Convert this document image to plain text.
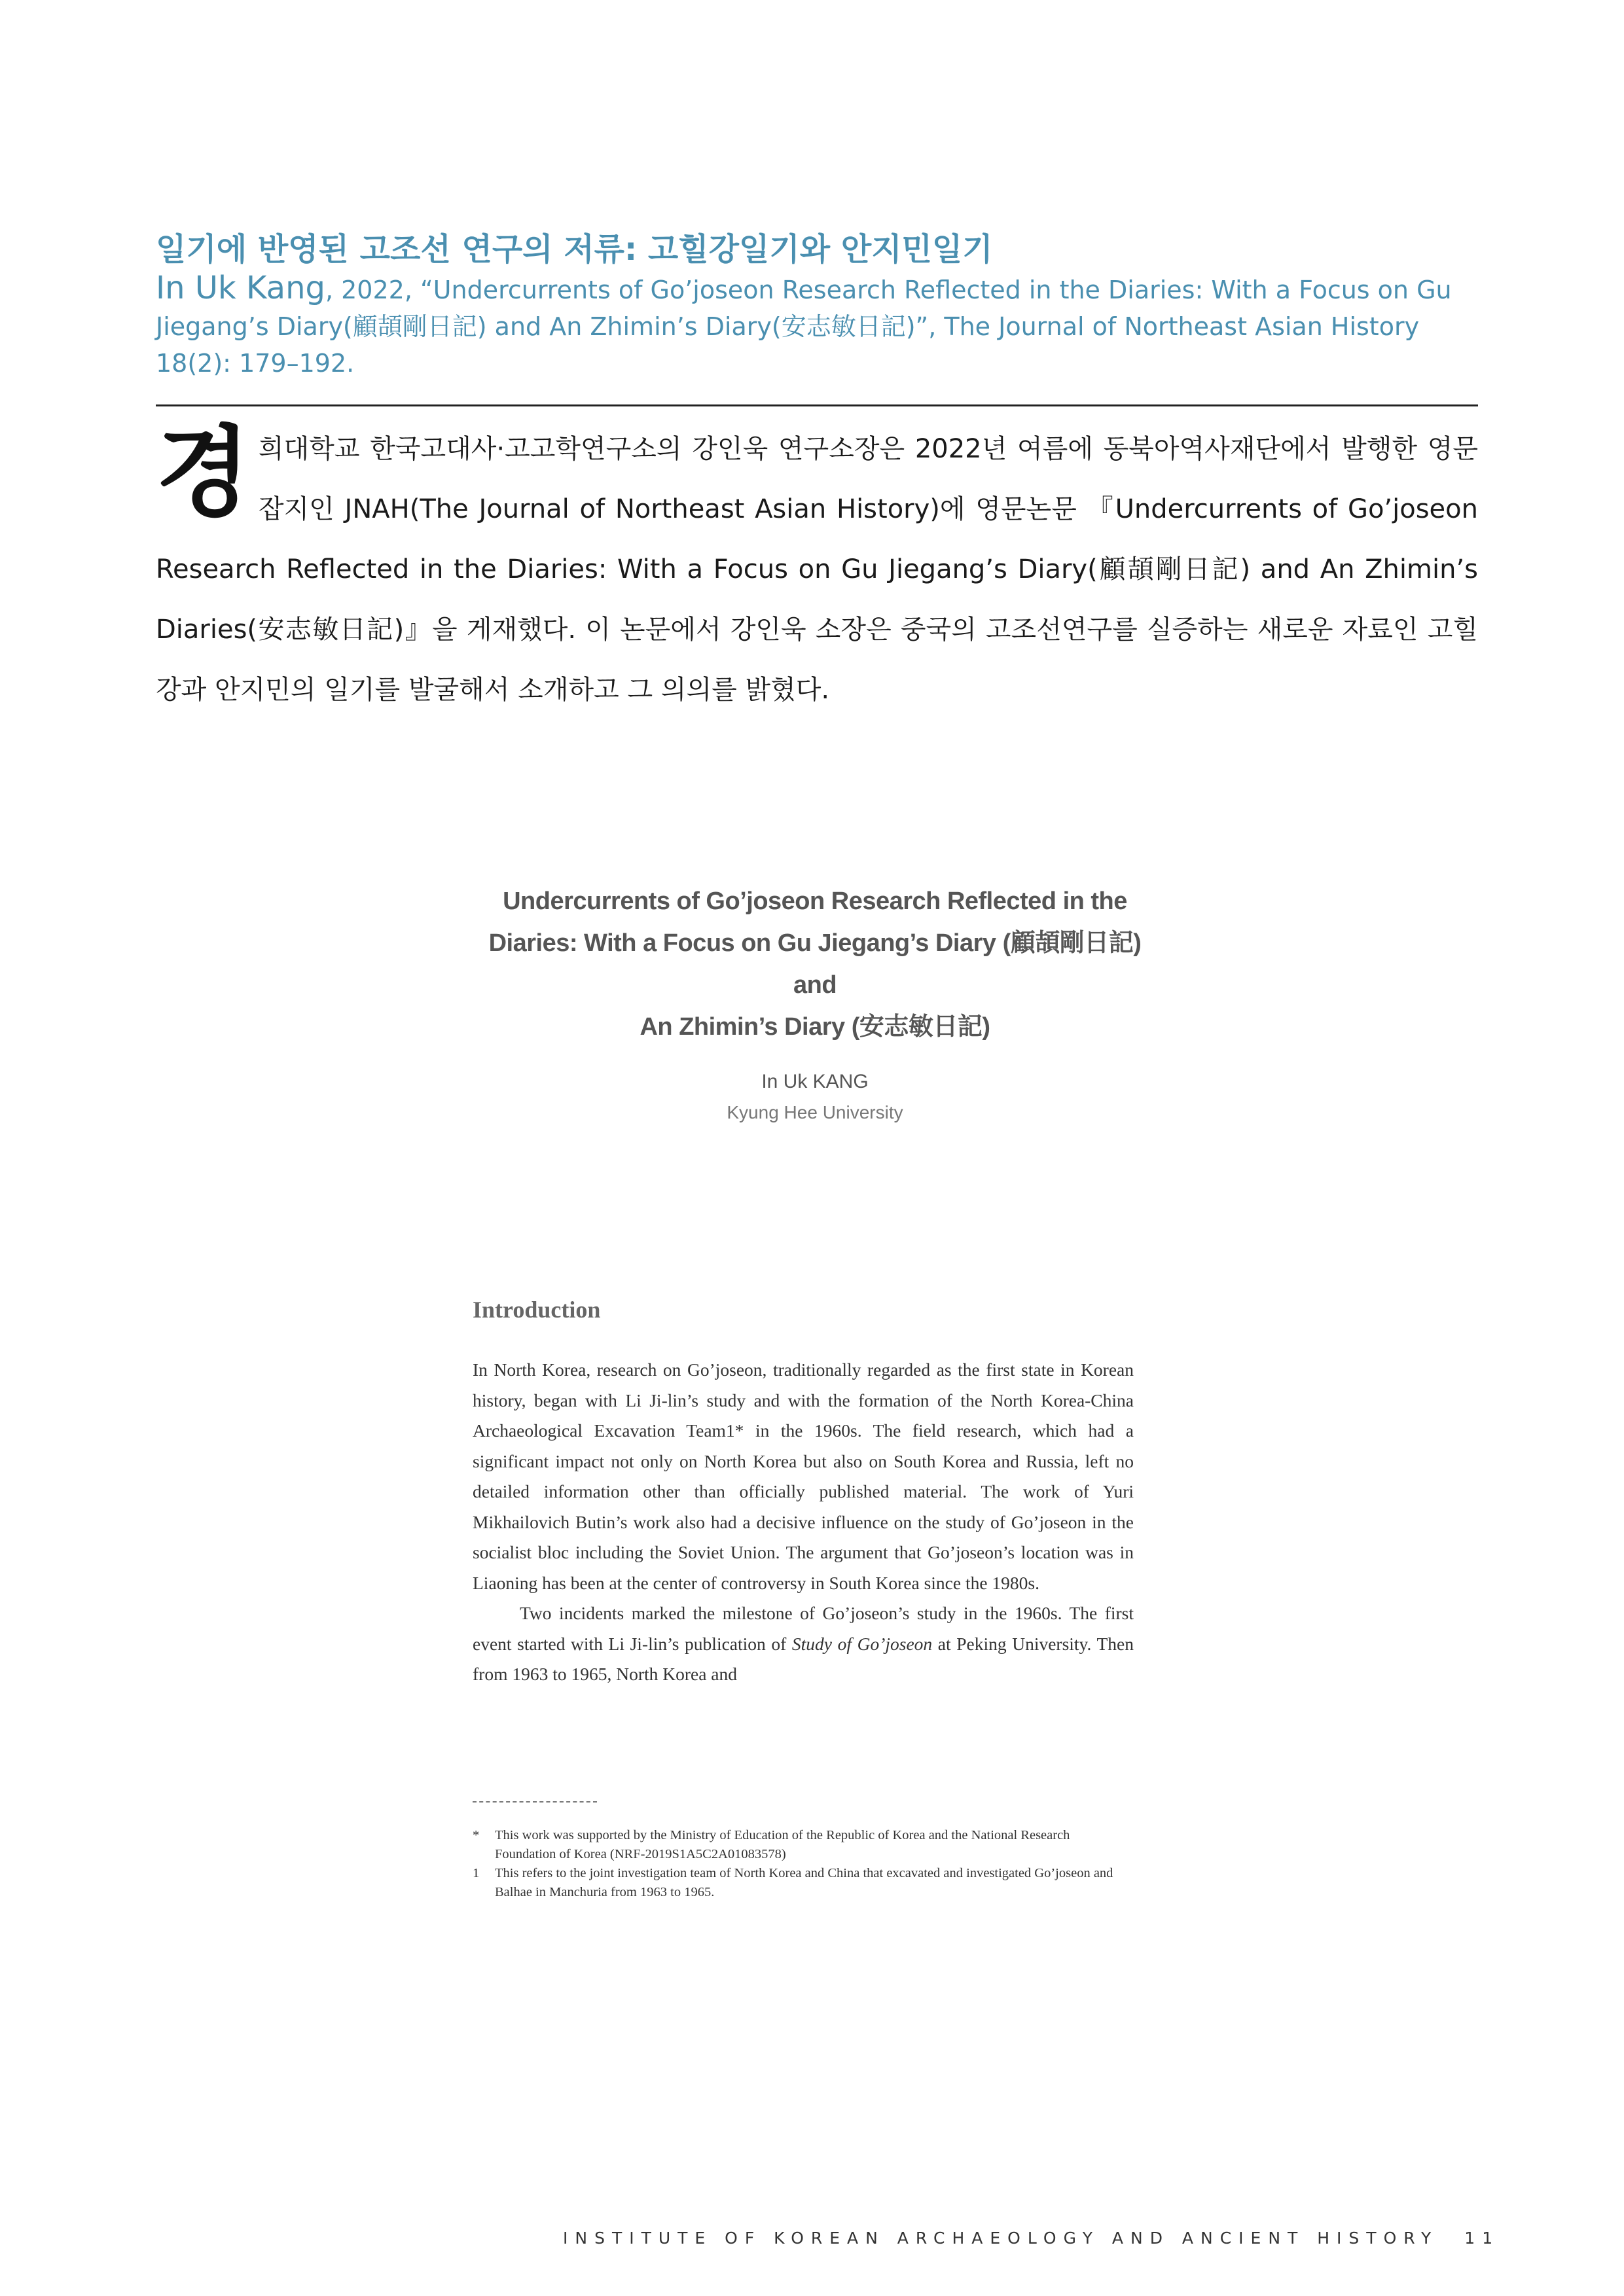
일기에 반영된 고조선 연구의 저류: 고힐강일기와 안지민일기

In Uk Kang, 2022, “Undercurrents of Go’joseon Research Reflected in the Diaries: With a Focus on Gu Jiegang’s Diary(顧頡剛日記) and An Zhimin’s Diary(安志敏日記)”, The Journal of Northeast Asian History 18(2): 179–192.

경희대학교 한국고대사·고고학연구소의 강인욱 연구소장은 2022년 여름에 동북아역사재단에서 발행한 영문잡지인 JNAH(The Journal of Northeast Asian History)에 영문논문 『Undercurrents of Go’joseon Research Reflected in the Diaries: With a Focus on Gu Jiegang’s Diary(顧頡剛日記) and An Zhimin’s Diaries(安志敏日記)』을 게재했다. 이 논문에서 강인욱 소장은 중국의 고조선연구를 실증하는 새로운 자료인 고힐강과 안지민의 일기를 발굴해서 소개하고 그 의의를 밝혔다.
Undercurrents of Go’joseon Research Reflected in the
Diaries: With a Focus on Gu Jiegang’s Diary (顧頡剛日記) and
An Zhimin’s Diary (安志敏日記)
In Uk KANG
Kyung Hee University
Introduction

In North Korea, research on Go’joseon, traditionally regarded as the first state in Korean history, began with Li Ji-lin’s study and with the formation of the North Korea-China Archaeological Excavation Team1* in the 1960s. The field research, which had a significant impact not only on North Korea but also on South Korea and Russia, left no detailed information other than officially published material. The work of Yuri Mikhailovich Butin’s work also had a decisive influence on the study of Go’joseon in the socialist bloc including the Soviet Union. The argument that Go’joseon’s location was in Liaoning has been at the center of controversy in South Korea since the 1980s.

Two incidents marked the milestone of Go’joseon’s study in the 1960s. The first event started with Li Ji-lin’s publication of Study of Go’joseon at Peking University. Then from 1963 to 1965, North Korea and

* This work was supported by the Ministry of Education of the Republic of Korea and the National Research Foundation of Korea (NRF-2019S1A5C2A01083578)

1 This refers to the joint investigation team of North Korea and China that excavated and investigated Go’joseon and Balhae in Manchuria from 1963 to 1965.

INSTITUTE OF KOREAN ARCHAEOLOGY AND ANCIENT HISTORY 11
